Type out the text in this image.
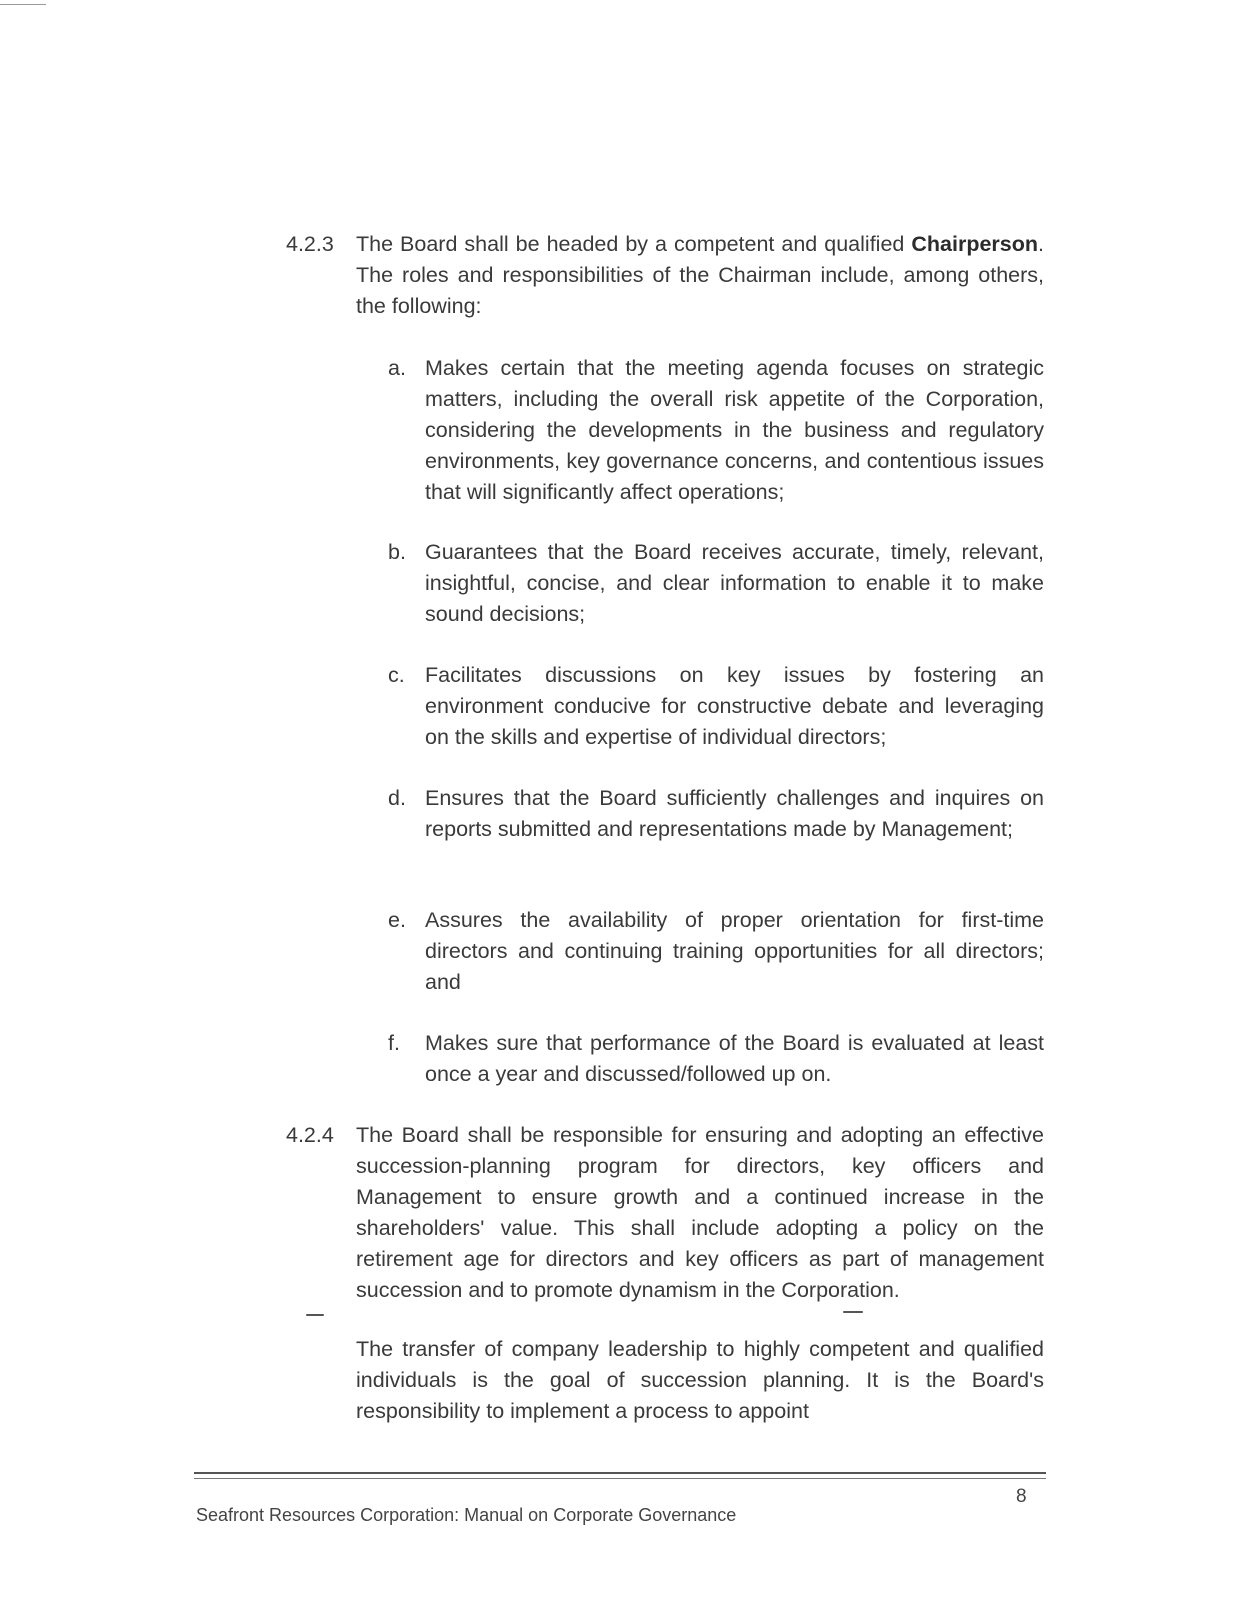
4.2.3 The Board shall be headed by a competent and qualified Chairperson. The roles and responsibilities of the Chairman include, among others, the following:
a. Makes certain that the meeting agenda focuses on strategic matters, including the overall risk appetite of the Corporation, considering the developments in the business and regulatory environments, key governance concerns, and contentious issues that will significantly affect operations;
b. Guarantees that the Board receives accurate, timely, relevant, insightful, concise, and clear information to enable it to make sound decisions;
c. Facilitates discussions on key issues by fostering an environment conducive for constructive debate and leveraging on the skills and expertise of individual directors;
d. Ensures that the Board sufficiently challenges and inquires on reports submitted and representations made by Management;
e. Assures the availability of proper orientation for first-time directors and continuing training opportunities for all directors; and
f. Makes sure that performance of the Board is evaluated at least once a year and discussed/followed up on.
4.2.4 The Board shall be responsible for ensuring and adopting an effective succession-planning program for directors, key officers and Management to ensure growth and a continued increase in the shareholders' value. This shall include adopting a policy on the retirement age for directors and key officers as part of management succession and to promote dynamism in the Corporation.
The transfer of company leadership to highly competent and qualified individuals is the goal of succession planning. It is the Board's responsibility to implement a process to appoint
8
Seafront Resources Corporation: Manual on Corporate Governance
